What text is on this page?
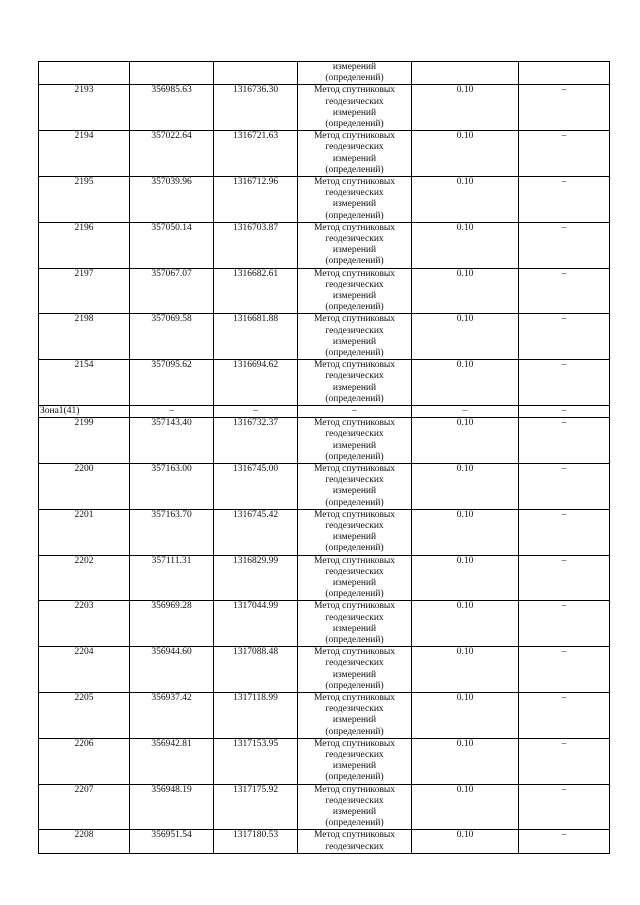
			измерений
(определений)		
2193	356985.63	1316736.30	Метод спутниковых
геодезических
измерений
(определений)	0.10	–
2194	357022.64	1316721.63	Метод спутниковых
геодезических
измерений
(определений)	0.10	–
2195	357039.96	1316712.96	Метод спутниковых
геодезических
измерений
(определений)	0.10	–
2196	357050.14	1316703.87	Метод спутниковых
геодезических
измерений
(определений)	0.10	–
2197	357067.07	1316682.61	Метод спутниковых
геодезических
измерений
(определений)	0.10	–
2198	357069.58	1316681.88	Метод спутниковых
геодезических
измерений
(определений)	0.10	–
2154	357095.62	1316694.62	Метод спутниковых
геодезических
измерений
(определений)	0.10	–
Зона1(41)	–	–	–	–	–
2199	357143.40	1316732.37	Метод спутниковых
геодезических
измерений
(определений)	0.10	–
2200	357163.00	1316745.00	Метод спутниковых
геодезических
измерений
(определений)	0.10	–
2201	357163.70	1316745.42	Метод спутниковых
геодезических
измерений
(определений)	0.10	–
2202	357111.31	1316829.99	Метод спутниковых
геодезических
измерений
(определений)	0.10	–
2203	356969.28	1317044.99	Метод спутниковых
геодезических
измерений
(определений)	0.10	–
2204	356944.60	1317088.48	Метод спутниковых
геодезических
измерений
(определений)	0.10	–
2205	356937.42	1317118.99	Метод спутниковых
геодезических
измерений
(определений)	0.10	–
2206	356942.81	1317153.95	Метод спутниковых
геодезических
измерений
(определений)	0.10	–
2207	356948.19	1317175.92	Метод спутниковых
геодезических
измерений
(определений)	0.10	–
2208	356951.54	1317180.53	Метод спутниковых
геодезических	0.10	–
